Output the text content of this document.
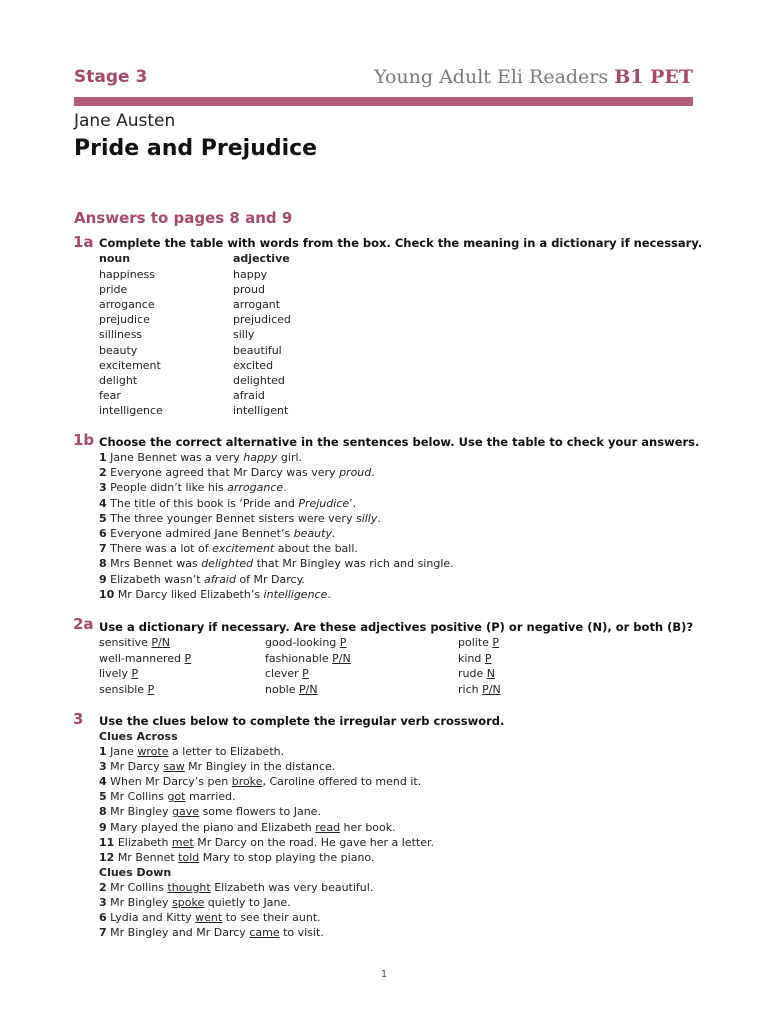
Stage 3	Young Adult Eli Readers B1 PET
Jane Austen
Pride and Prejudice
Answers to pages 8 and 9
1a Complete the table with words from the box. Check the meaning in a dictionary if necessary.
noun	adjective
happiness	happy
pride	proud
arrogance	arrogant
prejudice	prejudiced
silliness	silly
beauty	beautiful
excitement	excited
delight	delighted
fear	afraid
intelligence	intelligent
1b Choose the correct alternative in the sentences below. Use the table to check your answers.
1 Jane Bennet was a very happy girl.
2 Everyone agreed that Mr Darcy was very proud.
3 People didn’t like his arrogance.
4 The title of this book is ‘Pride and Prejudice’.
5 The three younger Bennet sisters were very silly.
6 Everyone admired Jane Bennet’s beauty.
7 There was a lot of excitement about the ball.
8 Mrs Bennet was delighted that Mr Bingley was rich and single.
9 Elizabeth wasn’t afraid of Mr Darcy.
10 Mr Darcy liked Elizabeth’s intelligence.
2a Use a dictionary if necessary. Are these adjectives positive (P) or negative (N), or both (B)?
sensitive P/N	good-looking P	polite P
well-mannered P	fashionable P/N	kind P
lively P	clever P	rude N
sensible P	noble P/N	rich P/N
3 Use the clues below to complete the irregular verb crossword.
Clues Across
1 Jane wrote a letter to Elizabeth.
3 Mr Darcy saw Mr Bingley in the distance.
4 When Mr Darcy’s pen broke, Caroline offered to mend it.
5 Mr Collins got married.
8 Mr Bingley gave some flowers to Jane.
9 Mary played the piano and Elizabeth read her book.
11 Elizabeth met Mr Darcy on the road. He gave her a letter.
12 Mr Bennet told Mary to stop playing the piano.
Clues Down
2 Mr Collins thought Elizabeth was very beautiful.
3 Mr Bingley spoke quietly to Jane.
6 Lydia and Kitty went to see their aunt.
7 Mr Bingley and Mr Darcy came to visit.
1
